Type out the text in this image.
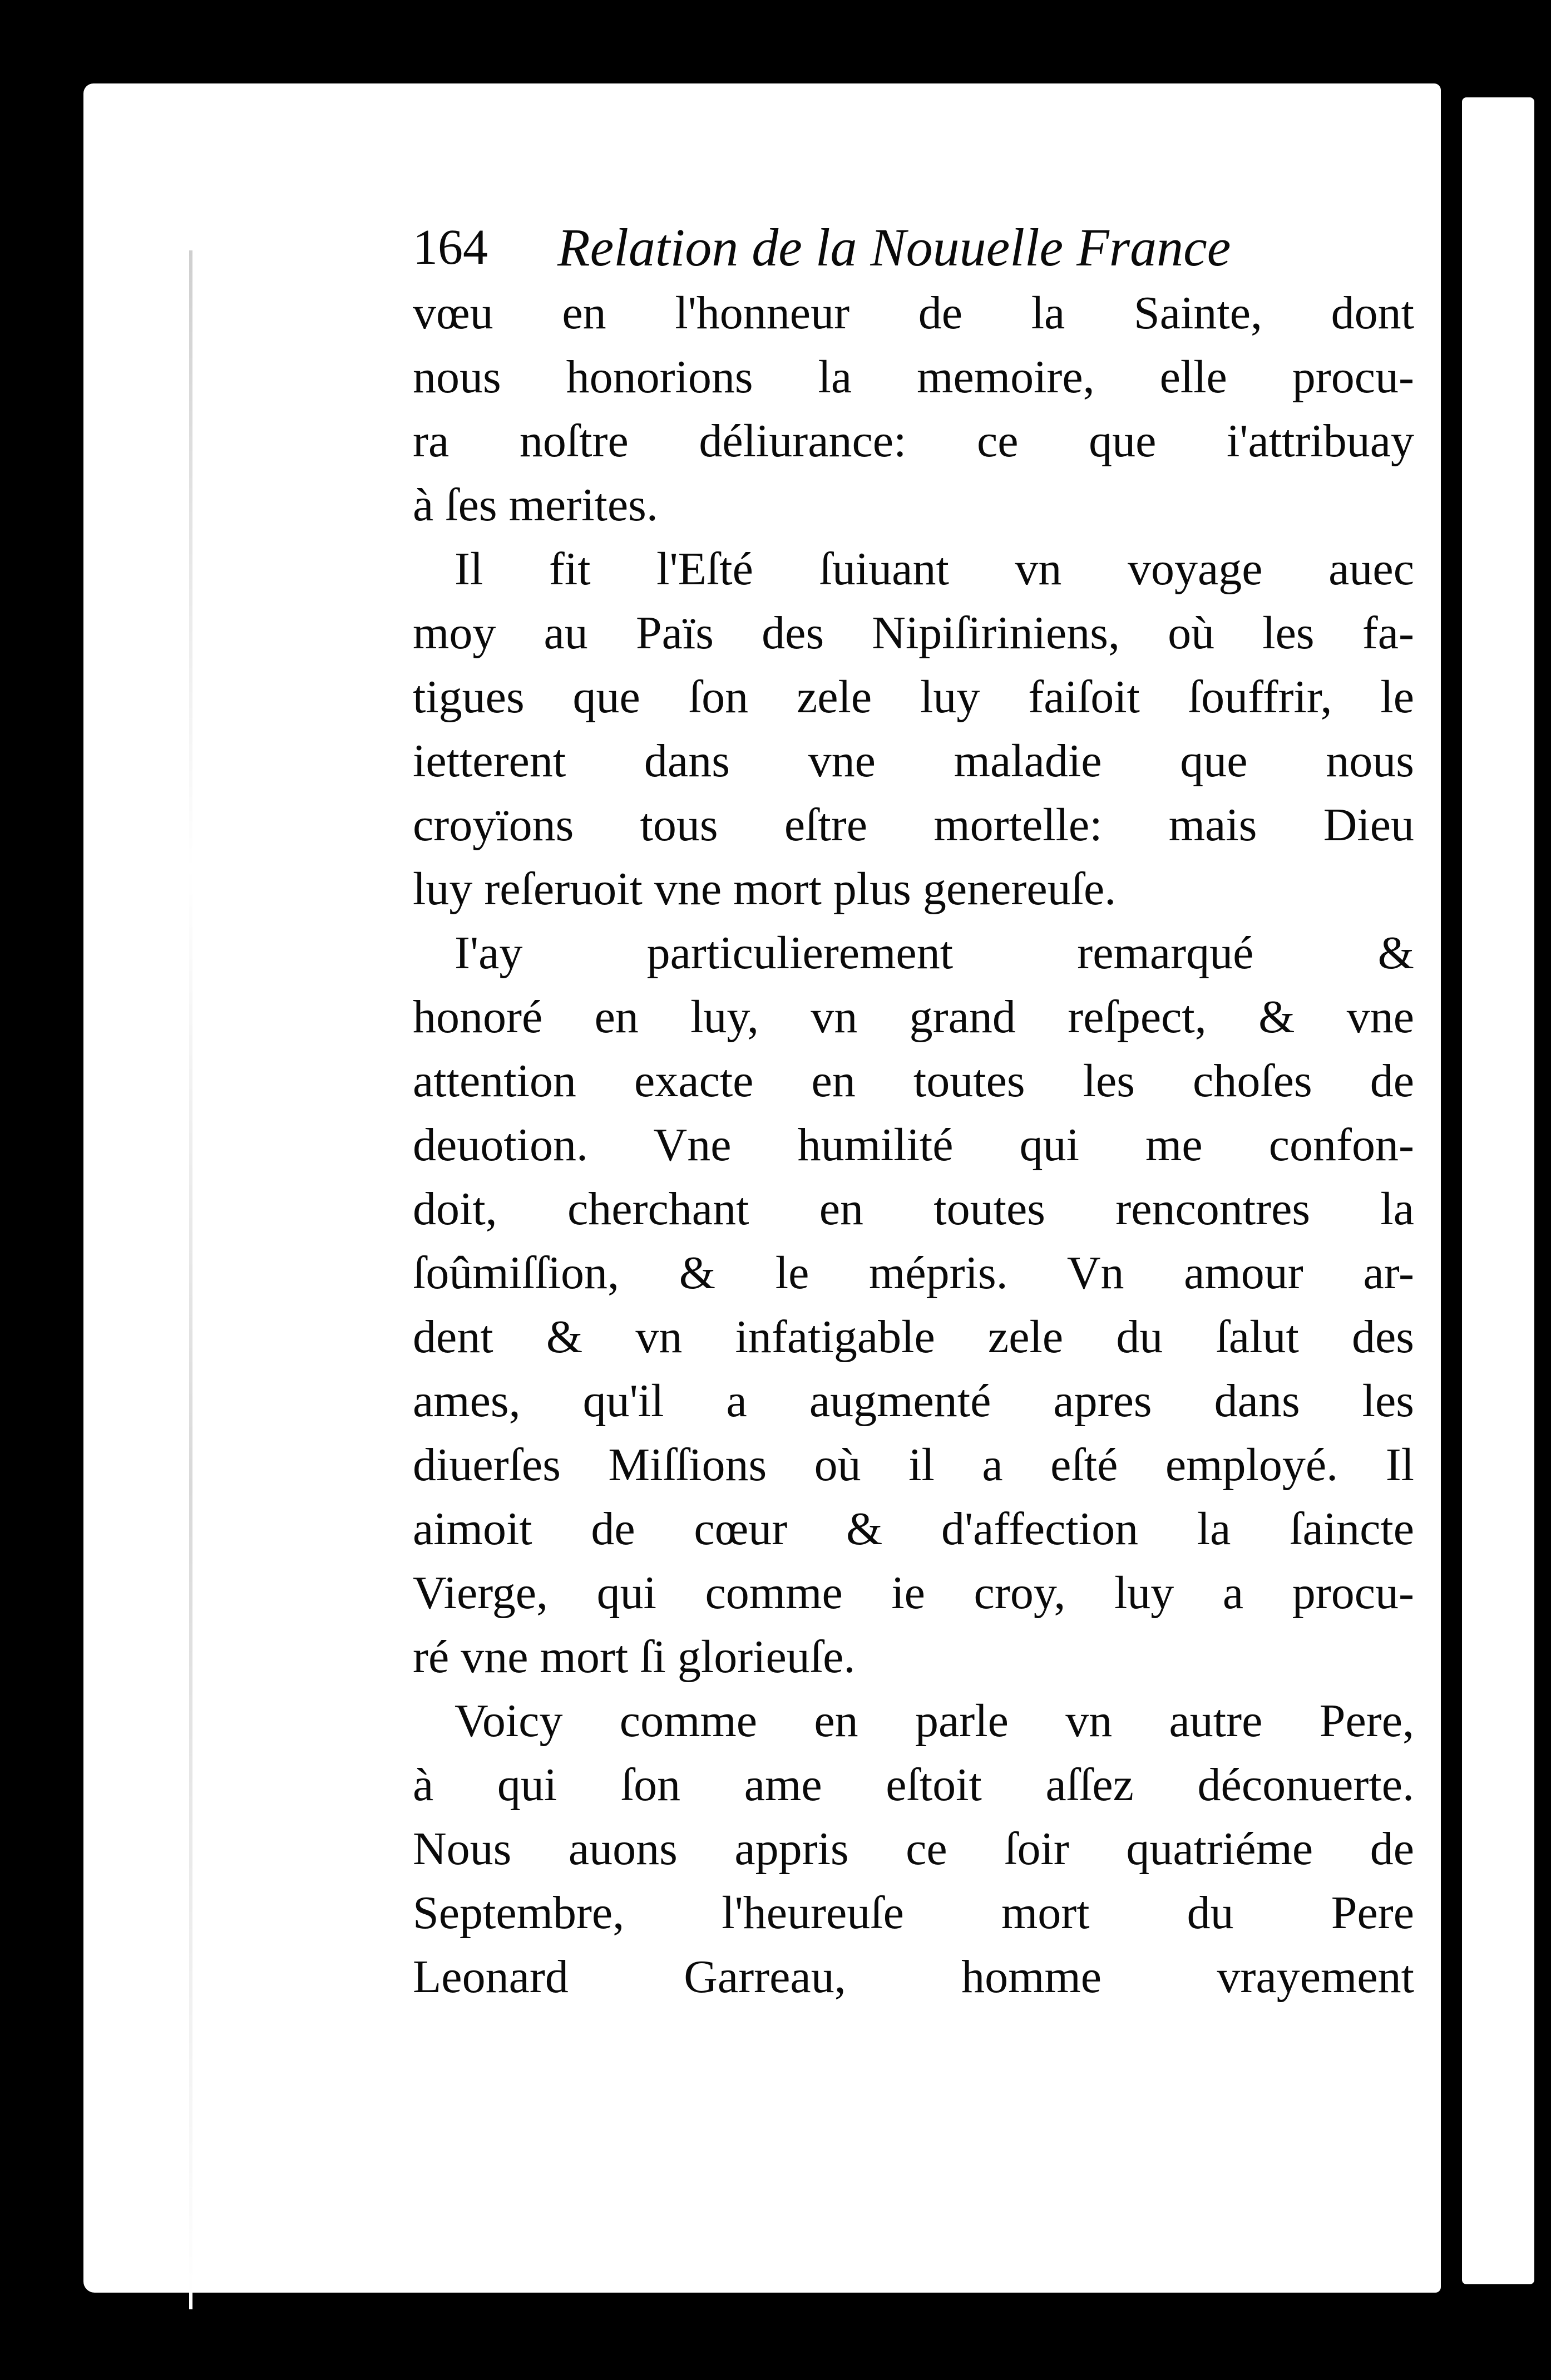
164 Relation de la Nouuelle France
vœu en l'honneur de la Sainte, dont
nous honorions la memoire, elle procu-
ra noſtre déliurance: ce que i'attribuay
à ſes merites.
Il fit l'Eſté ſuiuant vn voyage auec
moy au Païs des Nipiſiriniens, où les fa-
tigues que ſon zele luy faiſoit ſouffrir, le
ietterent dans vne maladie que nous
croyïons tous eſtre mortelle: mais Dieu
luy reſeruoit vne mort plus genereuſe.
I'ay particulierement remarqué &
honoré en luy, vn grand reſpect, & vne
attention exacte en toutes les choſes de
deuotion. Vne humilité qui me confon-
doit, cherchant en toutes rencontres la
ſoûmiſſion, & le mépris. Vn amour ar-
dent & vn infatigable zele du ſalut des
ames, qu'il a augmenté apres dans les
diuerſes Miſſions où il a eſté employé. Il
aimoit de cœur & d'affection la ſaincte
Vierge, qui comme ie croy, luy a procu-
ré vne mort ſi glorieuſe.
Voicy comme en parle vn autre Pere,
à qui ſon ame eſtoit aſſez déconuerte.
Nous auons appris ce ſoir quatriéme de
Septembre, l'heureuſe mort du Pere
Leonard Garreau, homme vrayement
